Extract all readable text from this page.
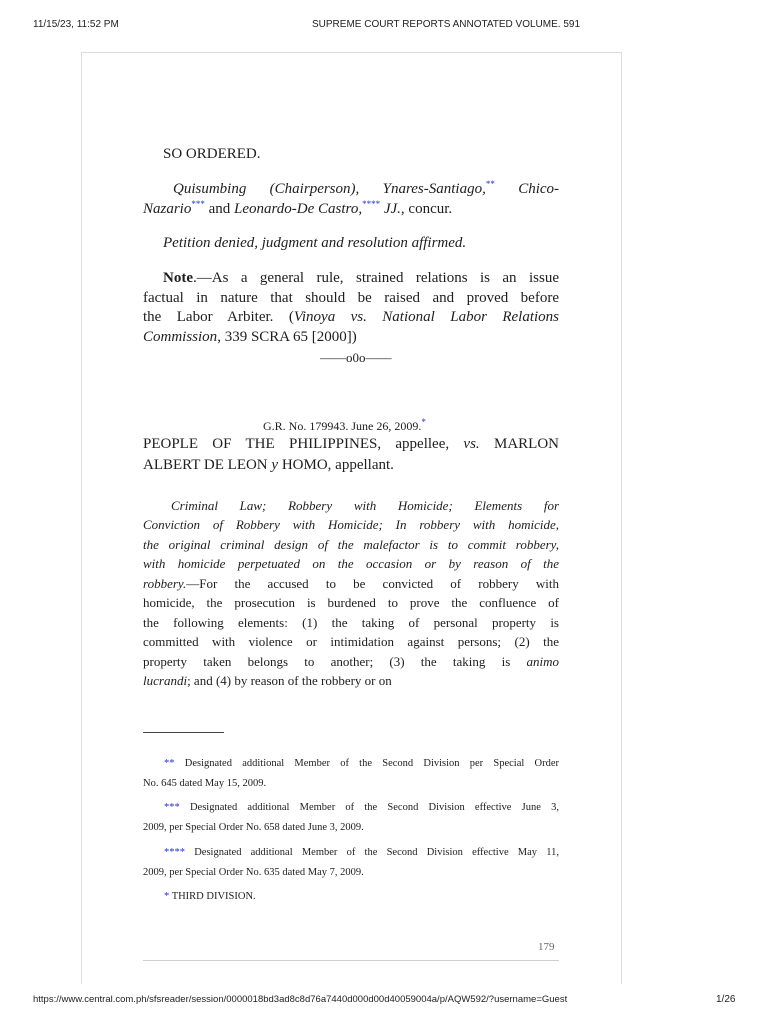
11/15/23, 11:52 PM	SUPREME COURT REPORTS ANNOTATED VOLUME. 591

SO ORDERED.

Quisumbing (Chairperson), Ynares-Santiago,** Chico-

Nazario*** and Leonardo-De Castro,**** JJ., concur.

Petition denied, judgment and resolution affirmed.

Note.—As a general rule, strained relations is an issue

factual in nature that should be raised and proved before

the Labor Arbiter. (Vinoya vs. National Labor Relations

Commission, 339 SCRA 65 [2000])

——o0o——

G.R. No. 179943. June 26, 2009.*

PEOPLE OF THE PHILIPPINES, appellee, vs. MARLON

ALBERT DE LEON y HOMO, appellant.

Criminal Law; Robbery with Homicide; Elements for

Conviction of Robbery with Homicide; In robbery with homicide,

the original criminal design of the malefactor is to commit robbery,

with homicide perpetuated on the occasion or by reason of the

robbery.—For the accused to be convicted of robbery with

homicide, the prosecution is burdened to prove the confluence of

the following elements: (1) the taking of personal property is

committed with violence or intimidation against persons; (2) the

property taken belongs to another; (3) the taking is animo

lucrandi; and (4) by reason of the robbery or on

** Designated additional Member of the Second Division per Special Order

No. 645 dated May 15, 2009.

*** Designated additional Member of the Second Division effective June 3,

2009, per Special Order No. 658 dated June 3, 2009.

**** Designated additional Member of the Second Division effective May 11,

2009, per Special Order No. 635 dated May 7, 2009.

* THIRD DIVISION.

179

https://www.central.com.ph/sfsreader/session/0000018bd3ad8c8d76a7440d000d00d40059004a/p/AQW592/?username=Guest	1/26
